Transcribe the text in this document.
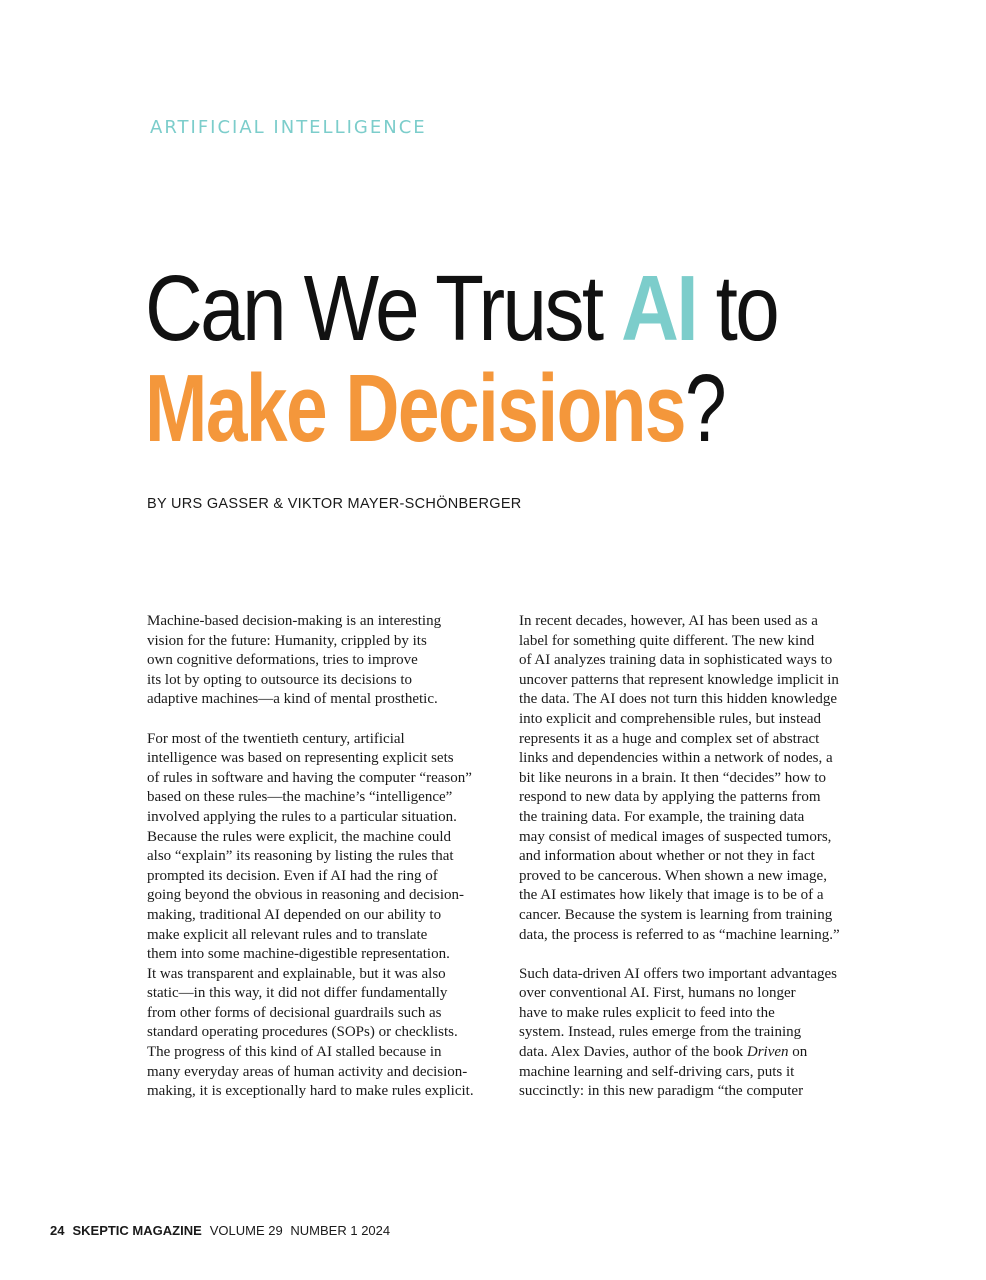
ARTIFICIAL INTELLIGENCE
Can We Trust AI to
Make Decisions?

BY URS GASSER & VIKTOR MAYER-SCHÖNBERGER

Machine-based decision-making is an interesting
vision for the future: Humanity, crippled by its
own cognitive deformations, tries to improve
its lot by opting to outsource its decisions to
adaptive machines—a kind of mental prosthetic.

For most of the twentieth century, artificial
intelligence was based on representing explicit sets
of rules in software and having the computer “reason”
based on these rules—the machine’s “intelligence”
involved applying the rules to a particular situation.
Because the rules were explicit, the machine could
also “explain” its reasoning by listing the rules that
prompted its decision. Even if AI had the ring of
going beyond the obvious in reasoning and decision-
making, traditional AI depended on our ability to
make explicit all relevant rules and to translate
them into some machine-digestible representation.
It was transparent and explainable, but it was also
static—in this way, it did not differ fundamentally
from other forms of decisional guardrails such as
standard operating procedures (SOPs) or checklists.
The progress of this kind of AI stalled because in
many everyday areas of human activity and decision-
making, it is exceptionally hard to make rules explicit.

In recent decades, however, AI has been used as a
label for something quite different. The new kind
of AI analyzes training data in sophisticated ways to
uncover patterns that represent knowledge implicit in
the data. The AI does not turn this hidden knowledge
into explicit and comprehensible rules, but instead
represents it as a huge and complex set of abstract
links and dependencies within a network of nodes, a
bit like neurons in a brain. It then “decides” how to
respond to new data by applying the patterns from
the training data. For example, the training data
may consist of medical images of suspected tumors,
and information about whether or not they in fact
proved to be cancerous. When shown a new image,
the AI estimates how likely that image is to be of a
cancer. Because the system is learning from training
data, the process is referred to as “machine learning.”

Such data-driven AI offers two important advantages
over conventional AI. First, humans no longer
have to make rules explicit to feed into the
system. Instead, rules emerge from the training
data. Alex Davies, author of the book Driven on
machine learning and self-driving cars, puts it
succinctly: in this new paradigm “the computer

24 SKEPTIC MAGAZINE VOLUME 29 NUMBER 1 2024
